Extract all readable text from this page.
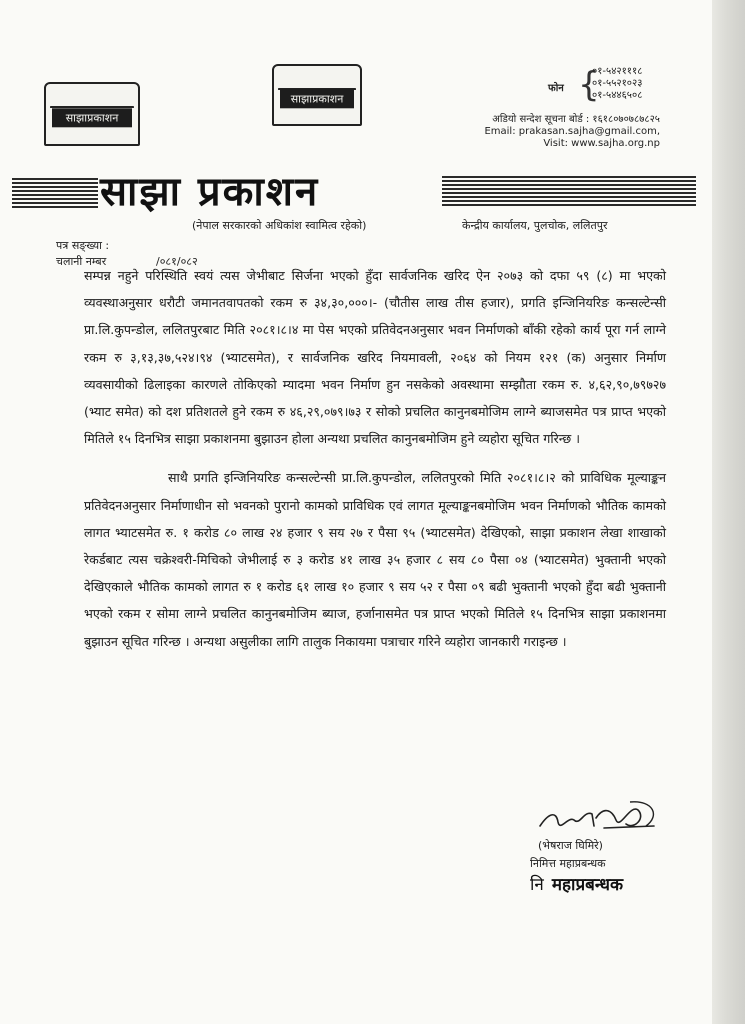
साझाप्रकाशन
साझाप्रकाशन
फोन {
०१-५४२१११८
०१-५५२१०२३
०१-५४४६५०८
अडियो सन्देश सूचना बोर्ड : १६१८०७०७८७८२५
Email: prakasan.sajha@gmail.com,
Visit: www.sajha.org.np
साझा प्रकाशन
(नेपाल सरकारको अधिकांश स्वामित्व रहेको)	केन्द्रीय कार्यालय, पुलचोक, ललितपुर
पत्र सङ्ख्या :
चलानी नम्बर	/०८१/०८२

सम्पन्न नहुने परिस्थिति स्वयं त्यस जेभीबाट सिर्जना भएको हुँदा सार्वजनिक खरिद ऐन २०७३ को दफा ५९ (८) मा भएको व्यवस्थाअनुसार धरौटी जमानतवापतको रकम रु ३४,३०,०००।- (चौतीस लाख तीस हजार), प्रगति इन्जिनियरिङ कन्सल्टेन्सी प्रा.लि.कुपन्डोल, ललितपुरबाट मिति २०८१।८।४ मा पेस भएको प्रतिवेदनअनुसार भवन निर्माणको बाँकी रहेको कार्य पूरा गर्न लाग्ने रकम रु ३,१३,३७,५२४।९४ (भ्याटसमेत), र सार्वजनिक खरिद नियमावली, २०६४ को नियम १२१ (क) अनुसार निर्माण व्यवसायीको ढिलाइका कारणले तोकिएको म्यादमा भवन निर्माण हुन नसकेको अवस्थामा सम्झौता रकम रु. ४,६२,९०,७९७२७ (भ्याट समेत) को दश प्रतिशतले हुने रकम रु ४६,२९,०७९।७३ र सोको प्रचलित कानुनबमोजिम लाग्ने ब्याजसमेत पत्र प्राप्त भएको मितिले १५ दिनभित्र साझा प्रकाशनमा बुझाउन होला अन्यथा प्रचलित कानुनबमोजिम हुने व्यहोरा सूचित गरिन्छ ।

साथै प्रगति इन्जिनियरिङ कन्सल्टेन्सी प्रा.लि.कुपन्डोल, ललितपुरको मिति २०८१।८।२ को प्राविधिक मूल्याङ्कन प्रतिवेदनअनुसार निर्माणाधीन सो भवनको पुरानो कामको प्राविधिक एवं लागत मूल्याङ्कनबमोजिम भवन निर्माणको भौतिक कामको लागत भ्याटसमेत रु. १ करोड ८० लाख २४ हजार ९ सय २७ र पैसा ९५ (भ्याटसमेत) देखिएको, साझा प्रकाशन लेखा शाखाको रेकर्डबाट त्यस चक्रेश्वरी-मिचिको जेभीलाई रु ३ करोड ४१ लाख ३५ हजार ८ सय ८० पैसा ०४ (भ्याटसमेत) भुक्तानी भएको देखिएकाले भौतिक कामको लागत रु १ करोड ६१ लाख १० हजार ९ सय ५२ र पैसा ०९ बढी भुक्तानी भएको हुँदा बढी भुक्तानी भएको रकम र सोमा लाग्ने प्रचलित कानुनबमोजिम ब्याज, हर्जानासमेत पत्र प्राप्त भएको मितिले १५ दिनभित्र साझा प्रकाशनमा बुझाउन सूचित गरिन्छ । अन्यथा असुलीका लागि तालुक निकायमा पत्राचार गरिने व्यहोरा जानकारी गराइन्छ ।

(भेषराज घिमिरे)
निमित्त महाप्रबन्धक
नि महाप्रबन्धक
